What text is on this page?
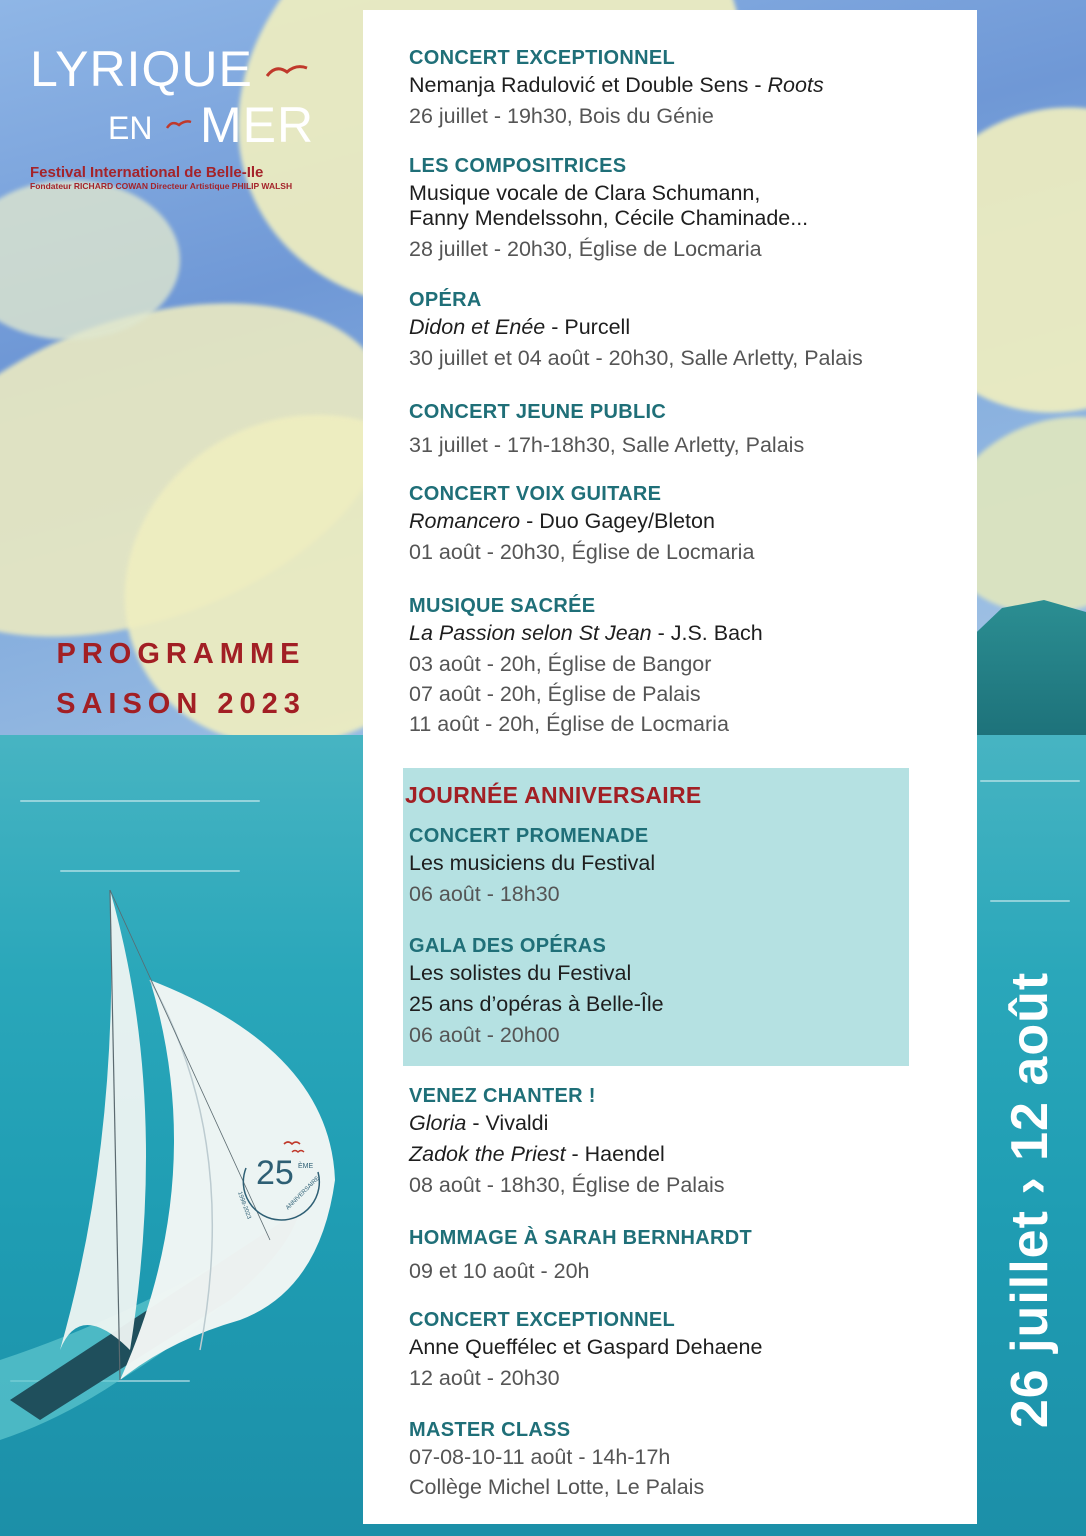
LYRIQUE
EN MER
Festival International de Belle-Ile
Fondateur RICHARD COWAN Directeur Artistique PHILIP WALSH
PROGRAMME
SAISON 2023
25 ÈME
1998-2023	ANNIVERSAIRE	26 juillet › 12 août
CONCERT EXCEPTIONNEL
Nemanja Radulović et Double Sens - Roots
26 juillet - 19h30, Bois du Génie
LES COMPOSITRICES
Musique vocale de Clara Schumann,
Fanny Mendelssohn, Cécile Chaminade...
28 juillet - 20h30, Église de Locmaria
OPÉRA
Didon et Enée - Purcell
30 juillet et 04 août - 20h30, Salle Arletty, Palais
CONCERT JEUNE PUBLIC
31 juillet - 17h-18h30, Salle Arletty, Palais
CONCERT VOIX GUITARE
Romancero - Duo Gagey/Bleton
01 août - 20h30, Église de Locmaria
MUSIQUE SACRÉE
La Passion selon St Jean - J.S. Bach
03 août - 20h, Église de Bangor
07 août - 20h, Église de Palais
11 août - 20h, Église de Locmaria
JOURNÉE ANNIVERSAIRE
CONCERT PROMENADE
Les musiciens du Festival
06 août - 18h30
GALA DES OPÉRAS
Les solistes du Festival
25 ans d’opéras à Belle-Île
06 août - 20h00
VENEZ CHANTER !
Gloria - Vivaldi
Zadok the Priest - Haendel
08 août - 18h30, Église de Palais
HOMMAGE À SARAH BERNHARDT
09 et 10 août - 20h
CONCERT EXCEPTIONNEL
Anne Queffélec et Gaspard Dehaene
12 août - 20h30
MASTER CLASS
07-08-10-11 août - 14h-17h
Collège Michel Lotte, Le Palais
